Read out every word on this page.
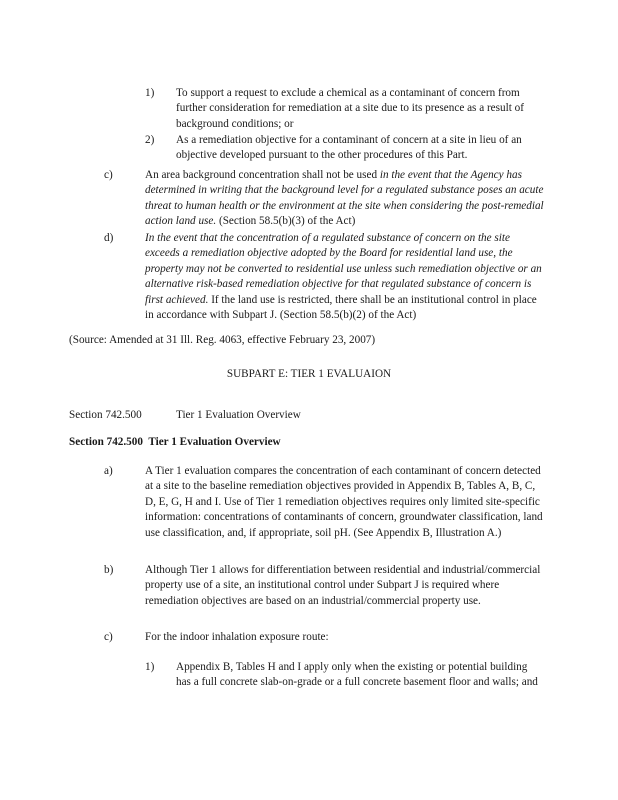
1) To support a request to exclude a chemical as a contaminant of concern from further consideration for remediation at a site due to its presence as a result of background conditions; or
2) As a remediation objective for a contaminant of concern at a site in lieu of an objective developed pursuant to the other procedures of this Part.
c)	An area background concentration shall not be used in the event that the Agency has determined in writing that the background level for a regulated substance poses an acute threat to human health or the environment at the site when considering the post-remedial action land use. (Section 58.5(b)(3) of the Act)
d)	In the event that the concentration of a regulated substance of concern on the site exceeds a remediation objective adopted by the Board for residential land use, the property may not be converted to residential use unless such remediation objective or an alternative risk-based remediation objective for that regulated substance of concern is first achieved. If the land use is restricted, there shall be an institutional control in place in accordance with Subpart J. (Section 58.5(b)(2) of the Act)
(Source: Amended at 31 Ill. Reg. 4063, effective February 23, 2007)
SUBPART E: TIER 1 EVALUAION
Section 742.500	Tier 1 Evaluation Overview
Section 742.500  Tier 1 Evaluation Overview
a)	A Tier 1 evaluation compares the concentration of each contaminant of concern detected at a site to the baseline remediation objectives provided in Appendix B, Tables A, B, C, D, E, G, H and I. Use of Tier 1 remediation objectives requires only limited site-specific information: concentrations of contaminants of concern, groundwater classification, land use classification, and, if appropriate, soil pH. (See Appendix B, Illustration A.)
b)	Although Tier 1 allows for differentiation between residential and industrial/commercial property use of a site, an institutional control under Subpart J is required where remediation objectives are based on an industrial/commercial property use.
c)	For the indoor inhalation exposure route:
1) Appendix B, Tables H and I apply only when the existing or potential building has a full concrete slab-on-grade or a full concrete basement floor and walls; and
